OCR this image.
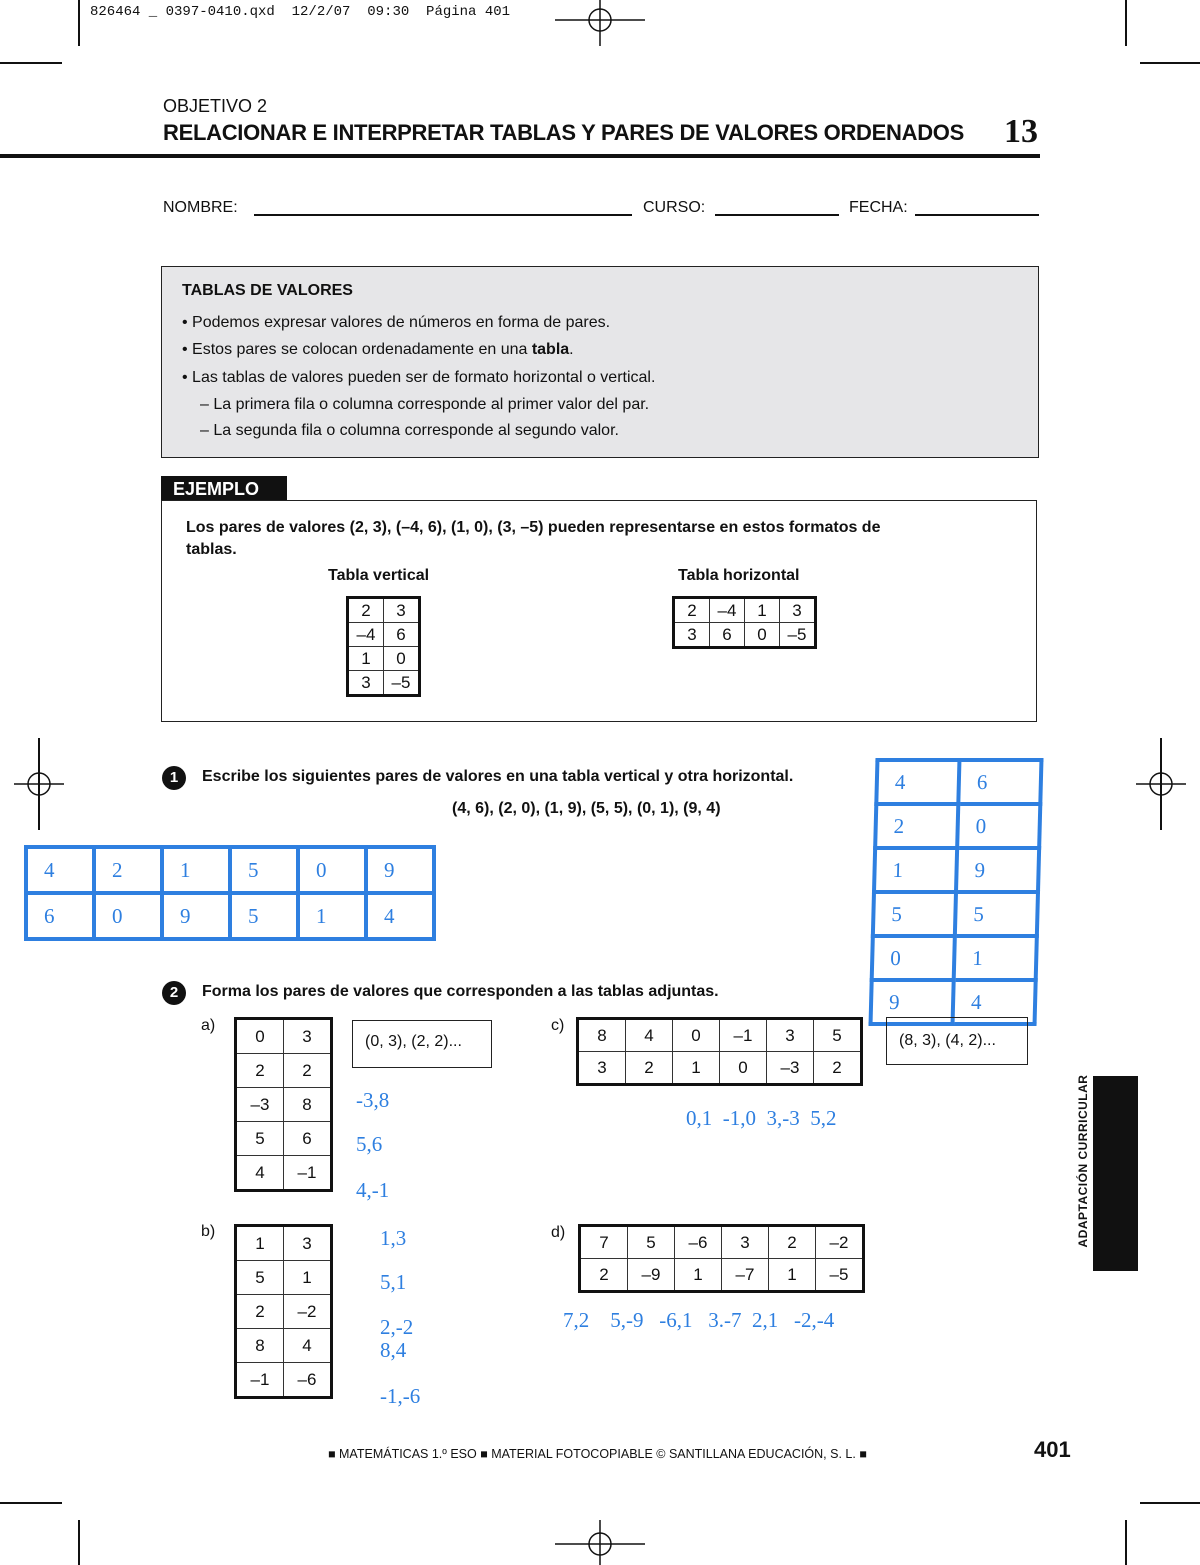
826464 _ 0397-0410.qxd  12/2/07  09:30  Página 401
OBJETIVO 2
RELACIONAR E INTERPRETAR TABLAS Y PARES DE VALORES ORDENADOS 13
NOMBRE:	CURSO:	FECHA:
TABLAS DE VALORES
• Podemos expresar valores de números en forma de pares.
• Estos pares se colocan ordenadamente en una tabla.
• Las tablas de valores pueden ser de formato horizontal o vertical.
– La primera fila o columna corresponde al primer valor del par.
– La segunda fila o columna corresponde al segundo valor.
EJEMPLO
Los pares de valores (2, 3), (–4, 6), (1, 0), (3, –5) pueden representarse en estos formatos de tablas.
Tabla vertical	Tabla horizontal
2	3
–4	6
1	0
3	–5
2	–4	1	3
3	6	0	–5
1	Escribe los siguientes pares de valores en una tabla vertical y otra horizontal.
(4, 6), (2, 0), (1, 9), (5, 5), (0, 1), (9, 4)
4	2	1	5	0	9
6	0	9	5	1	4
4	6
2	0
1	9
5	5
0	1
9	4
2	Forma los pares de valores que corresponden a las tablas adjuntas.
a)
0	3
2	2
–3	8
5	6
4	–1
(0, 3), (2, 2)...
-3,8
5,6
4,-1
b)
1	3
5	1
2	–2
8	4
–1	–6
1,3
5,1
2,-2
8,4
-1,-6
c) 8	4	0	–1	3	5
3	2	1	0	–3	2
(8, 3), (4, 2)...
0,1  -1,0  3,-3  5,2
d) 7	5	–6	3	2	–2
2	–9	1	–7	1	–5
7,2    5,-9   -6,1   3.-7  2,1   -2,-4
ADAPTACIÓN CURRICULAR
■ MATEMÁTICAS 1.º ESO ■ MATERIAL FOTOCOPIABLE © SANTILLANA EDUCACIÓN, S. L. ■	401
